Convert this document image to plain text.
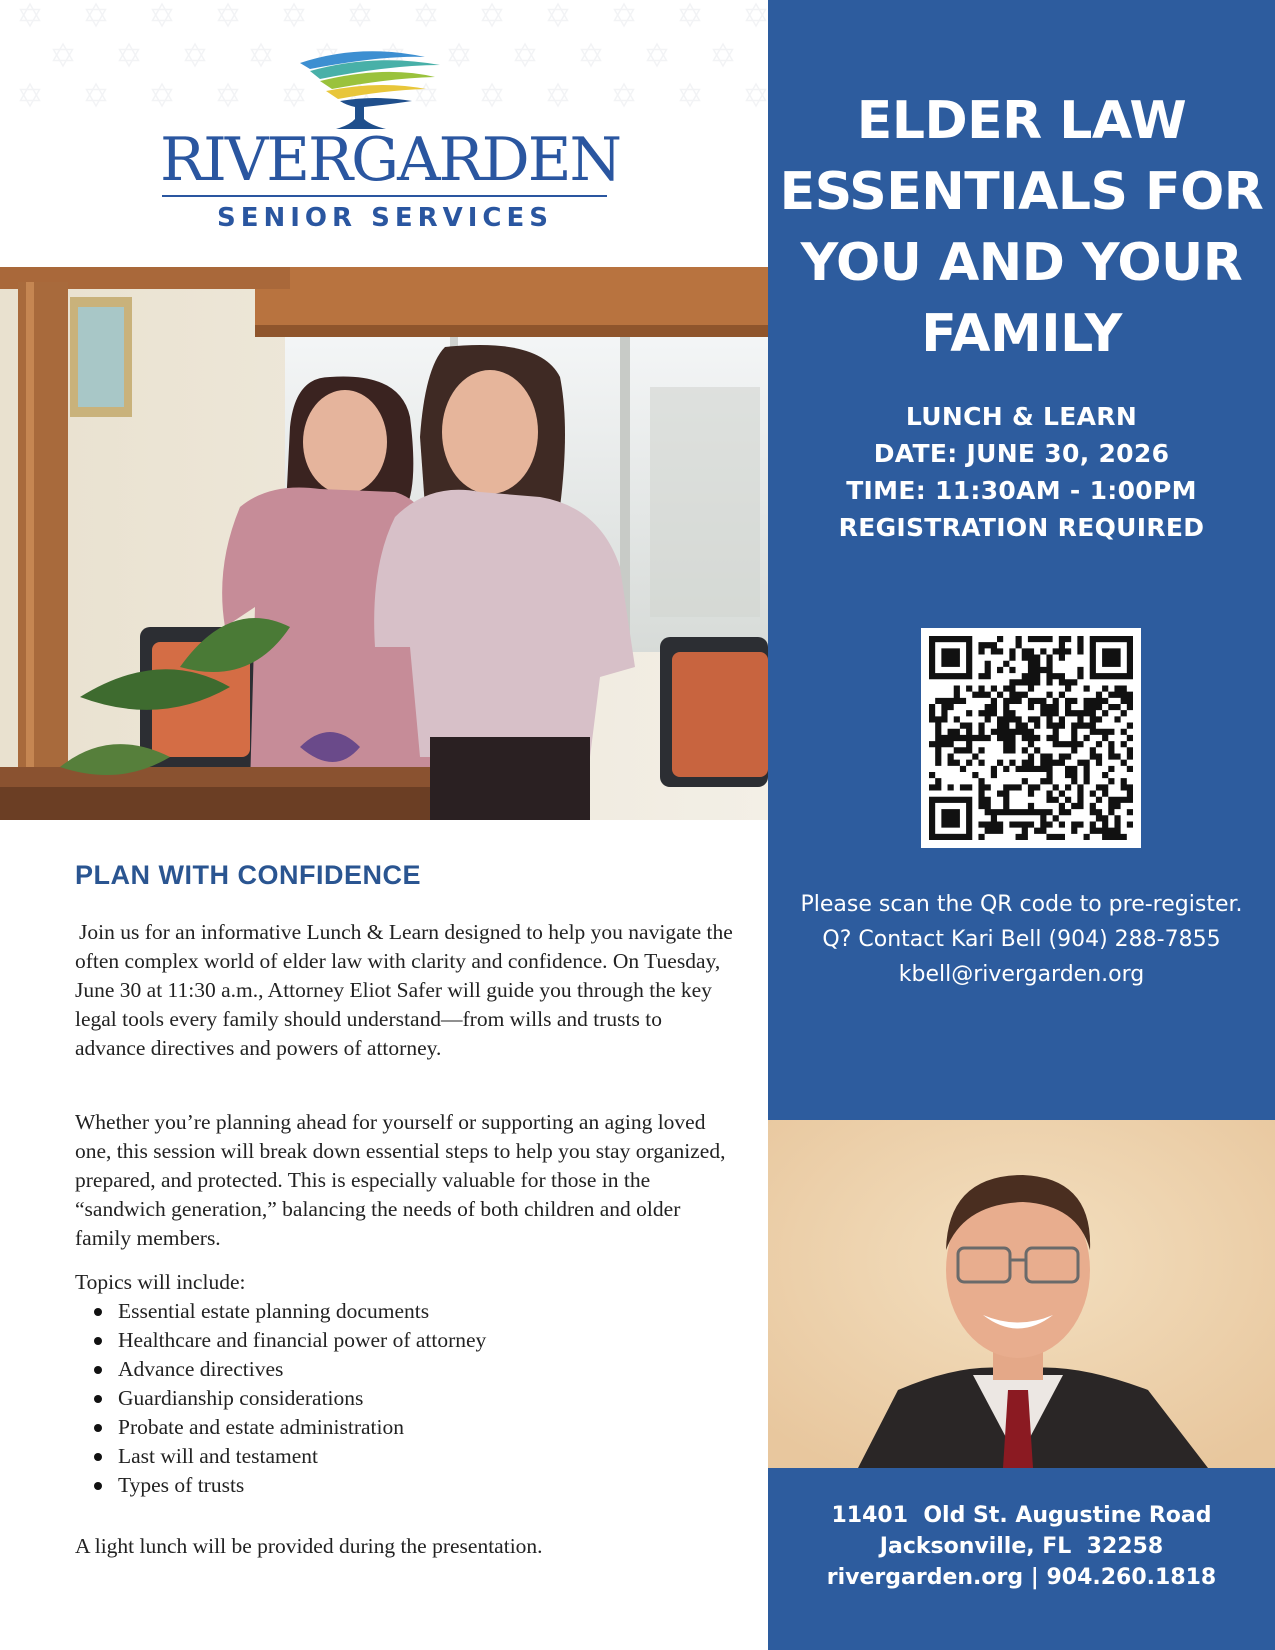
RIVERGARDEN
SENIOR SERVICES
PLAN WITH CONFIDENCE
Join us for an informative Lunch & Learn designed to help you navigate the often complex world of elder law with clarity and confidence. On Tuesday, June 30 at 11:30 a.m., Attorney Eliot Safer will guide you through the key legal tools every family should understand—from wills and trusts to advance directives and powers of attorney.
Whether you’re planning ahead for yourself or supporting an aging loved one, this session will break down essential steps to help you stay organized, prepared, and protected. This is especially valuable for those in the “sandwich generation,” balancing the needs of both children and older family members.
Topics will include:
Essential estate planning documents
Healthcare and financial power of attorney
Advance directives
Guardianship considerations
Probate and estate administration
Last will and testament
Types of trusts
A light lunch will be provided during the presentation.
ELDER LAW
ESSENTIALS FOR
YOU AND YOUR
FAMILY
LUNCH & LEARN
DATE: JUNE 30, 2026
TIME: 11:30AM - 1:00PM
REGISTRATION REQUIRED
Please scan the QR code to pre-register.
Q? Contact Kari Bell (904) 288-7855
kbell@rivergarden.org
11401  Old St. Augustine Road
Jacksonville, FL  32258
rivergarden.org | 904.260.1818
